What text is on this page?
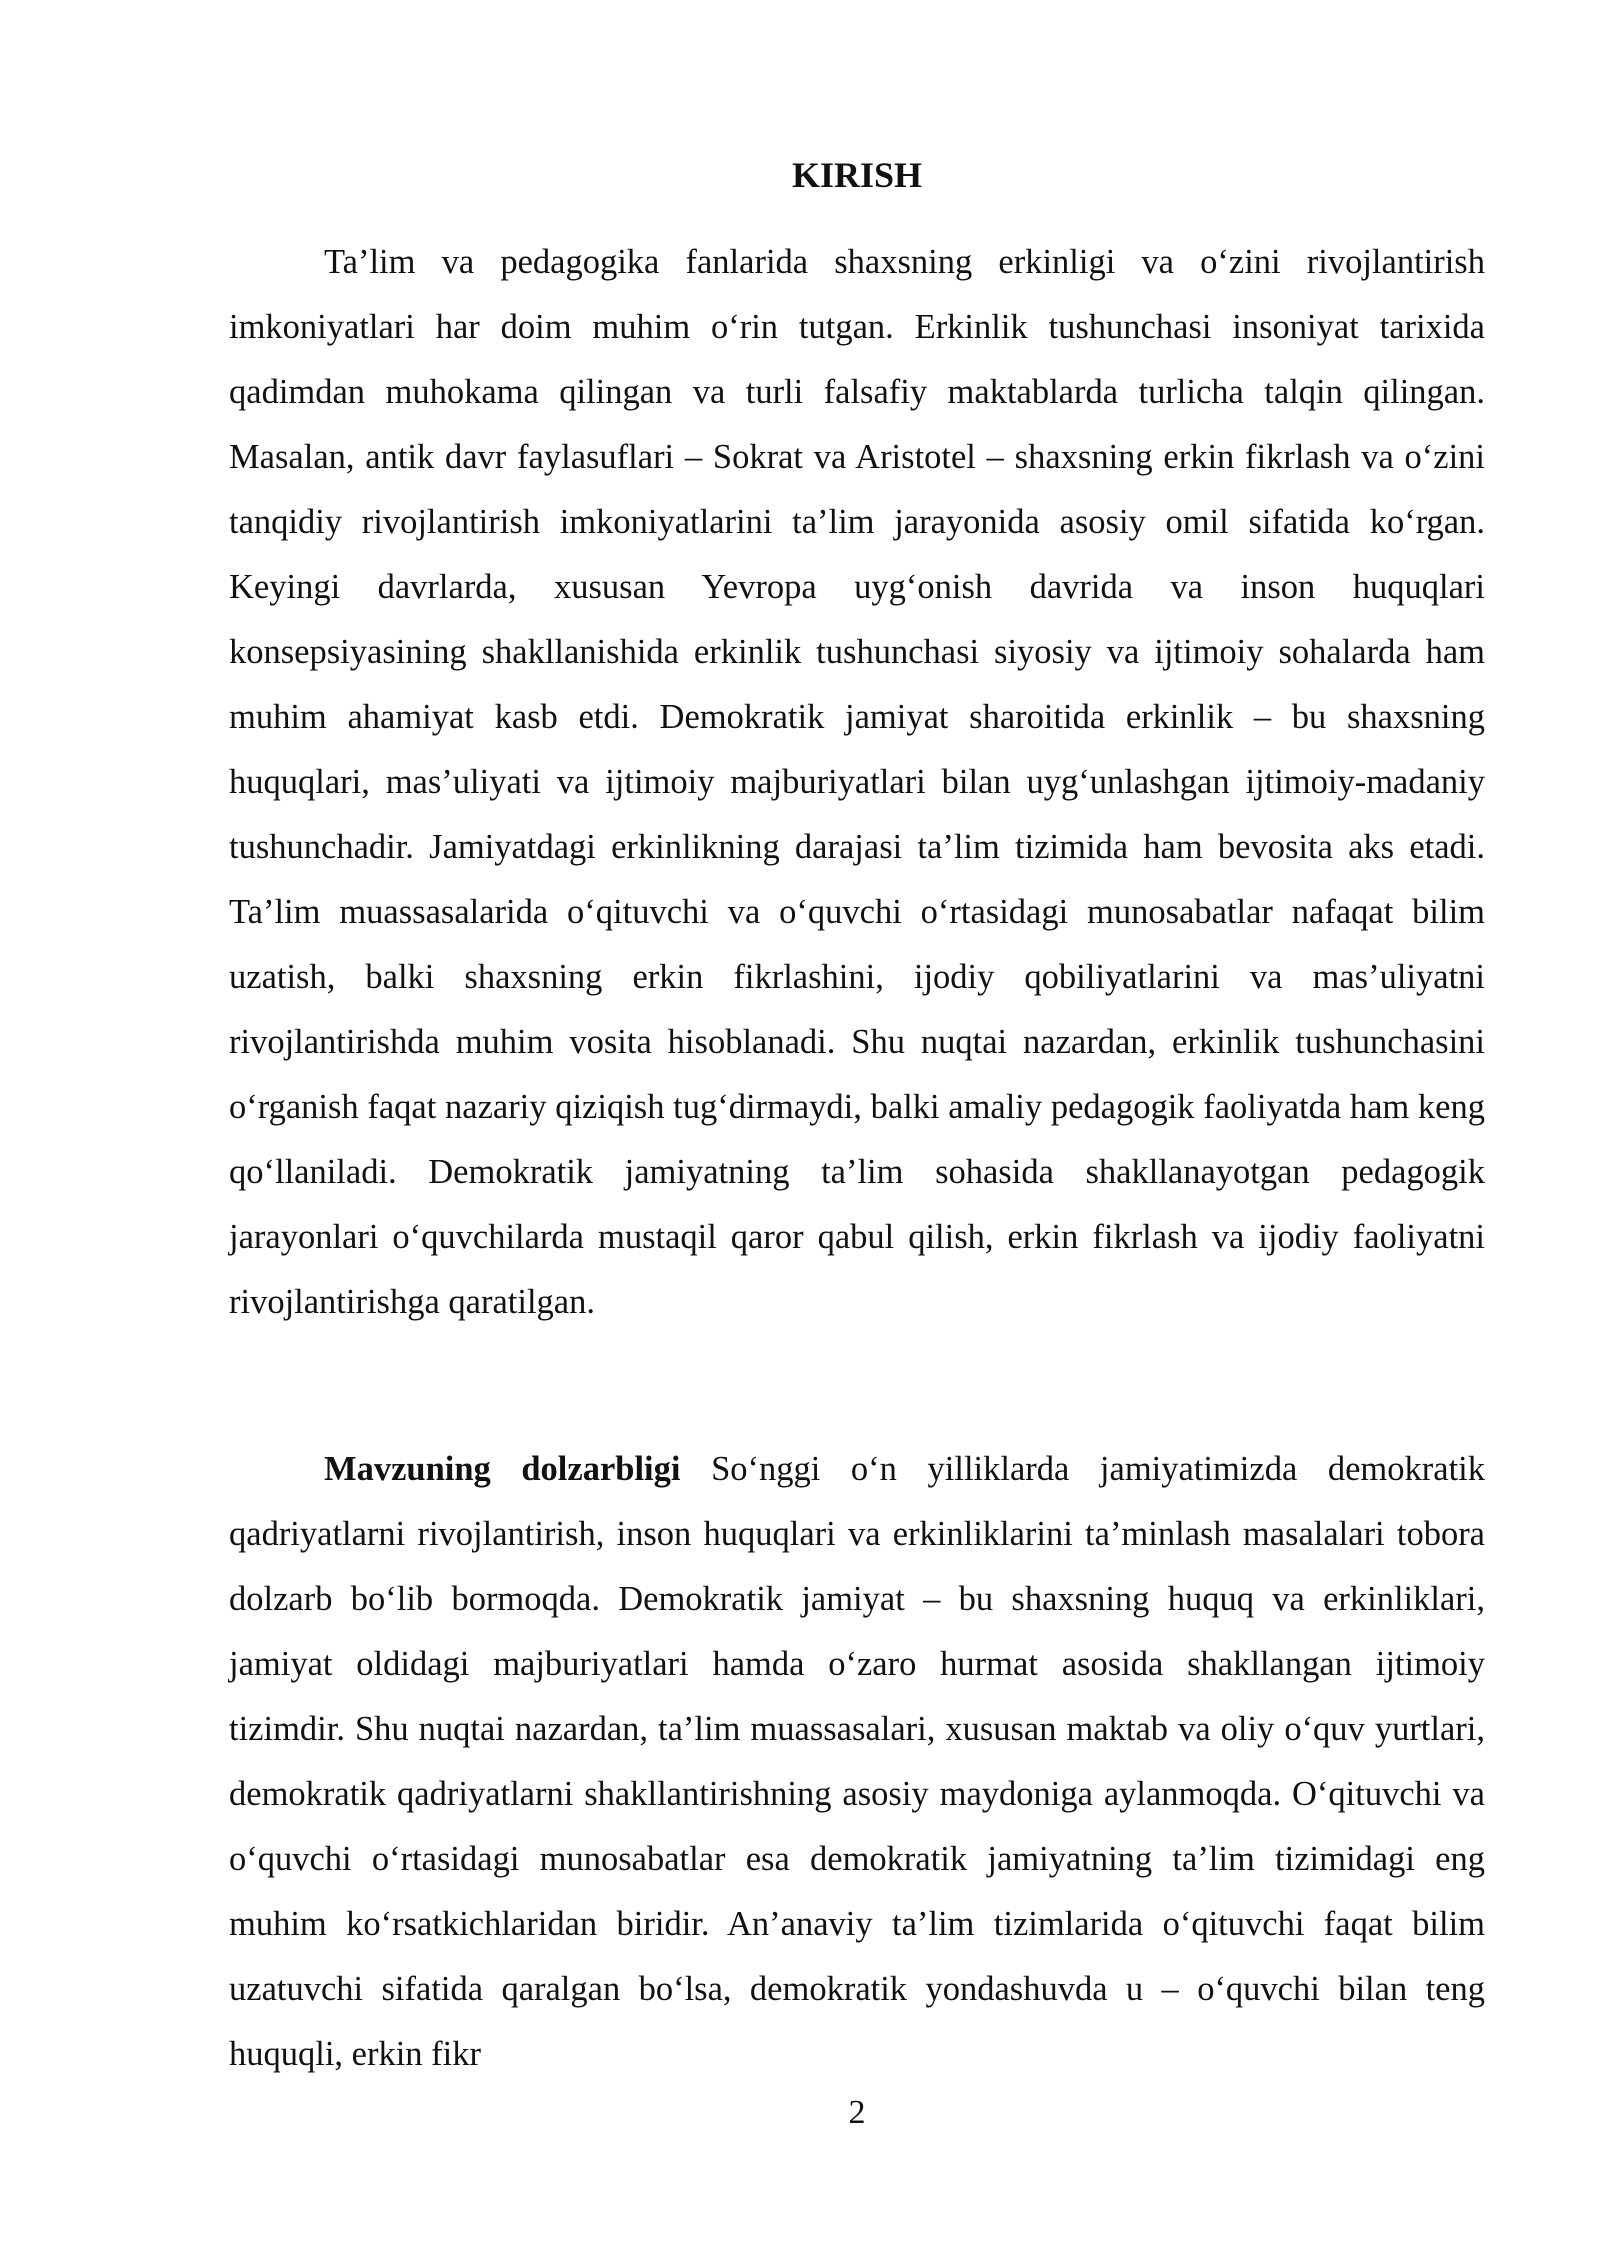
KIRISH

Ta’lim va pedagogika fanlarida shaxsning erkinligi va o‘zini rivojlantirish imkoniyatlari har doim muhim o‘rin tutgan. Erkinlik tushunchasi insoniyat tarixida qadimdan muhokama qilingan va turli falsafiy maktablarda turlicha talqin qilingan. Masalan, antik davr faylasuflari – Sokrat va Aristotel – shaxsning erkin fikrlash va o‘zini tanqidiy rivojlantirish imkoniyatlarini ta’lim jarayonida asosiy omil sifatida ko‘rgan. Keyingi davrlarda, xususan Yevropa uyg‘onish davrida va inson huquqlari konsepsiyasining shakllanishida erkinlik tushunchasi siyosiy va ijtimoiy sohalarda ham muhim ahamiyat kasb etdi. Demokratik jamiyat sharoitida erkinlik – bu shaxsning huquqlari, mas’uliyati va ijtimoiy majburiyatlari bilan uyg‘unlashgan ijtimoiy-madaniy tushunchadir. Jamiyatdagi erkinlikning darajasi ta’lim tizimida ham bevosita aks etadi. Ta’lim muassasalarida o‘qituvchi va o‘quvchi o‘rtasidagi munosabatlar nafaqat bilim uzatish, balki shaxsning erkin fikrlashini, ijodiy qobiliyatlarini va mas’uliyatni rivojlantirishda muhim vosita hisoblanadi. Shu nuqtai nazardan, erkinlik tushunchasini o‘rganish faqat nazariy qiziqish tug‘dirmaydi, balki amaliy pedagogik faoliyatda ham keng qo‘llaniladi. Demokratik jamiyatning ta’lim sohasida shakllanayotgan pedagogik jarayonlari o‘quvchilarda mustaqil qaror qabul qilish, erkin fikrlash va ijodiy faoliyatni rivojlantirishga qaratilgan.

Mavzuning dolzarbligi So‘nggi o‘n yilliklarda jamiyatimizda demokratik qadriyatlarni rivojlantirish, inson huquqlari va erkinliklarini ta’minlash masalalari tobora dolzarb bo‘lib bormoqda. Demokratik jamiyat – bu shaxsning huquq va erkinliklari, jamiyat oldidagi majburiyatlari hamda o‘zaro hurmat asosida shakllangan ijtimoiy tizimdir. Shu nuqtai nazardan, ta’lim muassasalari, xususan maktab va oliy o‘quv yurtlari, demokratik qadriyatlarni shakllantirishning asosiy maydoniga aylanmoqda. O‘qituvchi va o‘quvchi o‘rtasidagi munosabatlar esa demokratik jamiyatning ta’lim tizimidagi eng muhim ko‘rsatkichlaridan biridir. An’anaviy ta’lim tizimlarida o‘qituvchi faqat bilim uzatuvchi sifatida qaralgan bo‘lsa, demokratik yondashuvda u – o‘quvchi bilan teng huquqli, erkin fikr

2
